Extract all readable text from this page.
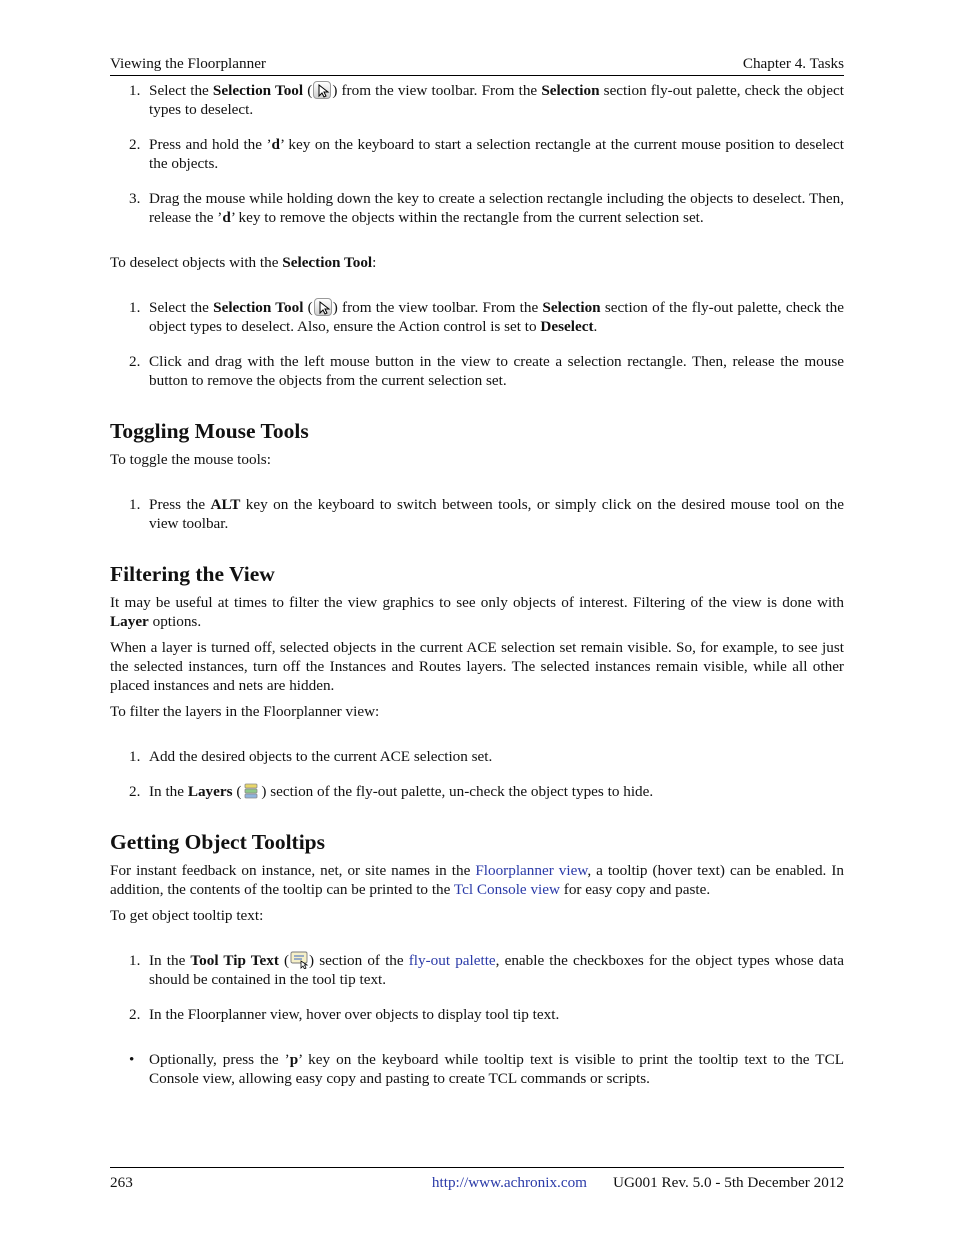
Viewing the Floorplanner	Chapter 4. Tasks
1. Select the Selection Tool ( ) from the view toolbar. From the Selection section fly-out palette, check the object types to deselect.
2. Press and hold the ’d’ key on the keyboard to start a selection rectangle at the current mouse position to deselect the objects.
3. Drag the mouse while holding down the key to create a selection rectangle including the objects to deselect. Then, release the ’d’ key to remove the objects within the rectangle from the current selection set.

To deselect objects with the Selection Tool:

1. Select the Selection Tool ( ) from the view toolbar. From the Selection section of the fly-out palette, check the object types to deselect. Also, ensure the Action control is set to Deselect.
2. Click and drag with the left mouse button in the view to create a selection rectangle. Then, release the mouse button to remove the objects from the current selection set.
Toggling Mouse Tools

To toggle the mouse tools:

1. Press the ALT key on the keyboard to switch between tools, or simply click on the desired mouse tool on the view toolbar.
Filtering the View

It may be useful at times to filter the view graphics to see only objects of interest. Filtering of the view is done with Layer options.

When a layer is turned off, selected objects in the current ACE selection set remain visible. So, for example, to see just the selected instances, turn off the Instances and Routes layers. The selected instances remain visible, while all other placed instances and nets are hidden.

To filter the layers in the Floorplanner view:

1. Add the desired objects to the current ACE selection set.
2. In the Layers ( ) section of the fly-out palette, un-check the object types to hide.
Getting Object Tooltips

For instant feedback on instance, net, or site names in the Floorplanner view, a tooltip (hover text) can be enabled. In addition, the contents of the tooltip can be printed to the Tcl Console view for easy copy and paste.

To get object tooltip text:

1. In the Tool Tip Text ( ) section of the fly-out palette, enable the checkboxes for the object types whose data should be contained in the tool tip text.
2. In the Floorplanner view, hover over objects to display tool tip text.
• Optionally, press the ’p’ key on the keyboard while tooltip text is visible to print the tooltip text to the TCL Console view, allowing easy copy and pasting to create TCL commands or scripts.
263	http://www.achronix.com UG001 Rev. 5.0 - 5th December 2012
